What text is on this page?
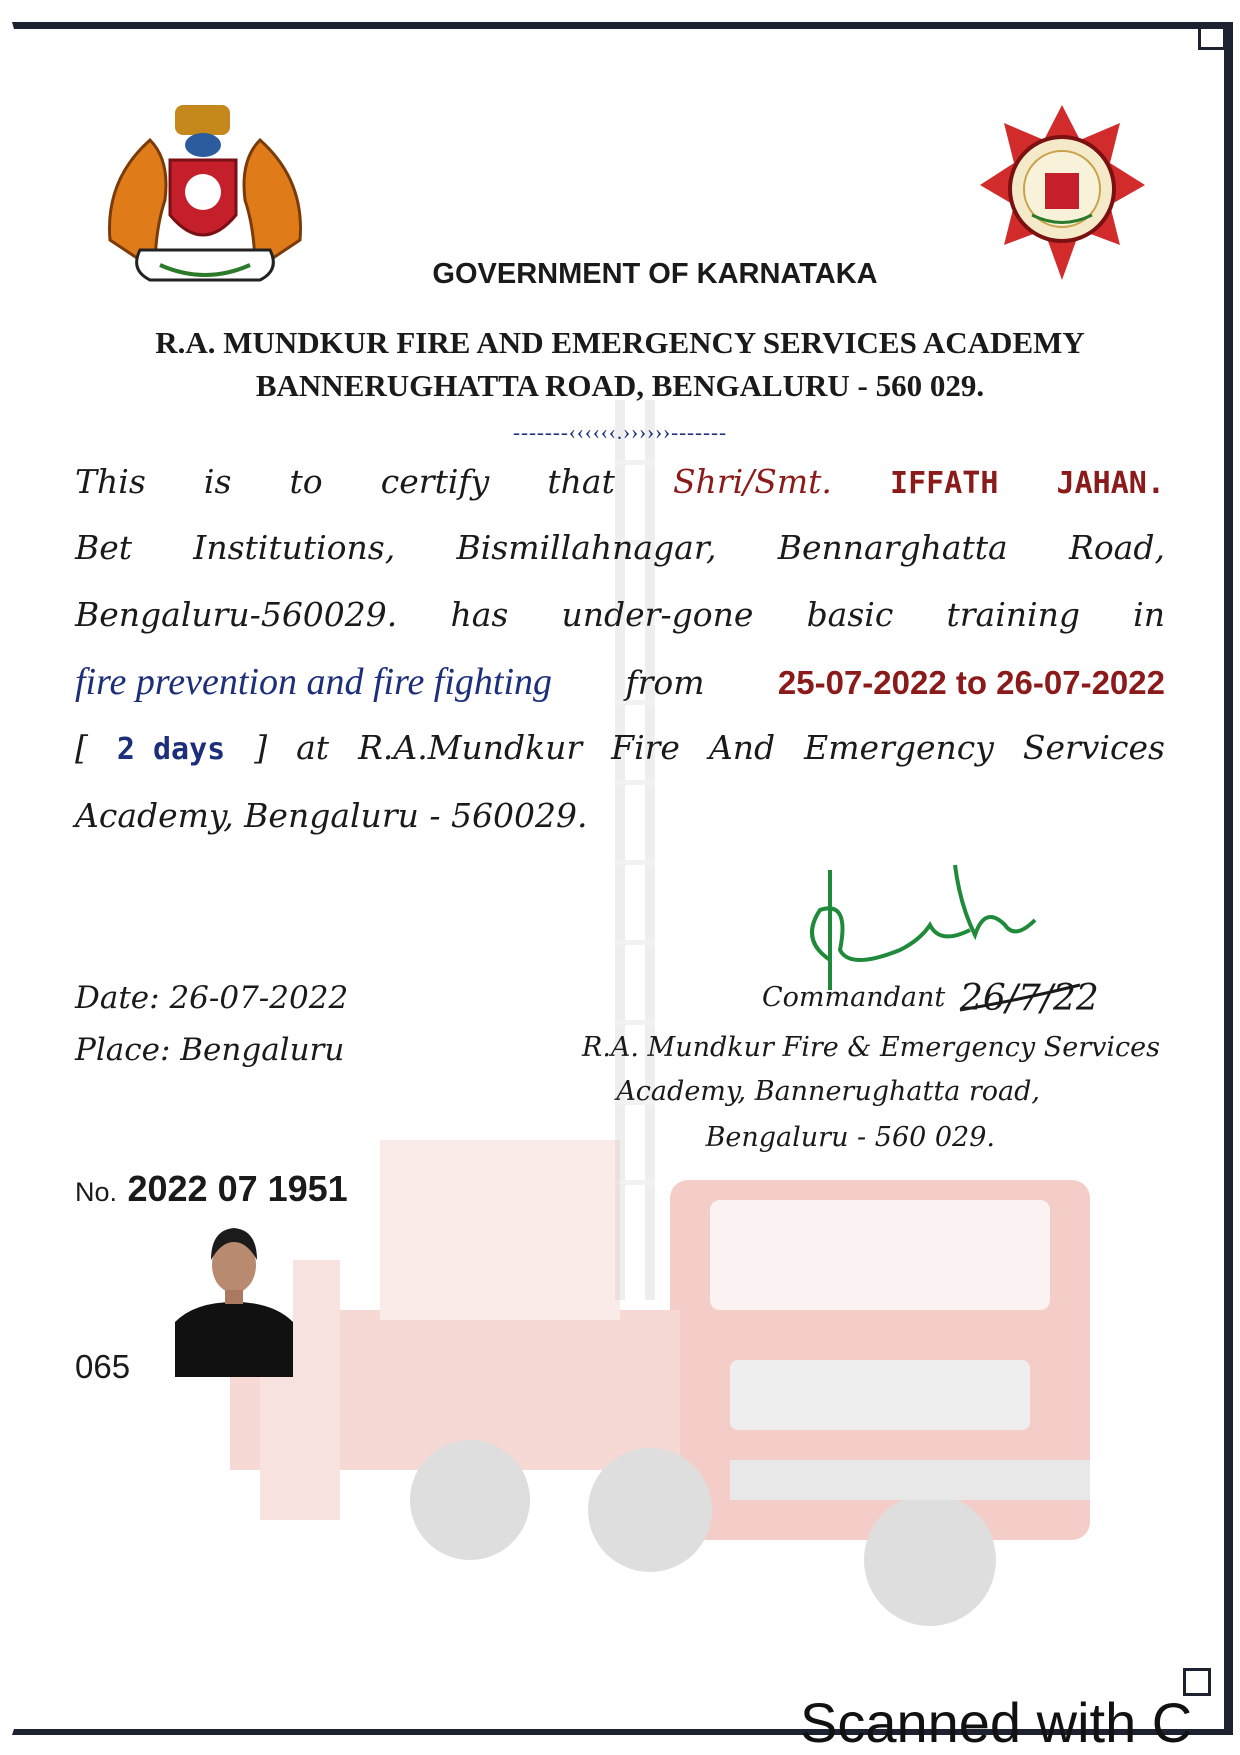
GOVERNMENT OF KARNATAKA
R.A. MUNDKUR FIRE AND EMERGENCY SERVICES ACADEMY
BANNERUGHATTA ROAD, BENGALURU - 560 029.
-------‹‹‹‹‹‹.››››››-------
This is to certify that Shri/Smt. IFFATH JAHAN.
Bet Institutions, Bismillahnagar, Bennarghatta Road,
Bengaluru-560029. has under-gone basic training in
fire prevention and fire fighting from 25-07-2022 to 26-07-2022
[ 2 days ] at R.A.Mundkur Fire And Emergency Services
Academy, Bengaluru - 560029.
Date: 26-07-2022
Place: Bengaluru
Commandant 26/7/22
R.A. Mundkur Fire & Emergency Services
Academy, Bannerughatta road,
Bengaluru - 560 029.
No. 2022 07 1951
065
Scanned with C
